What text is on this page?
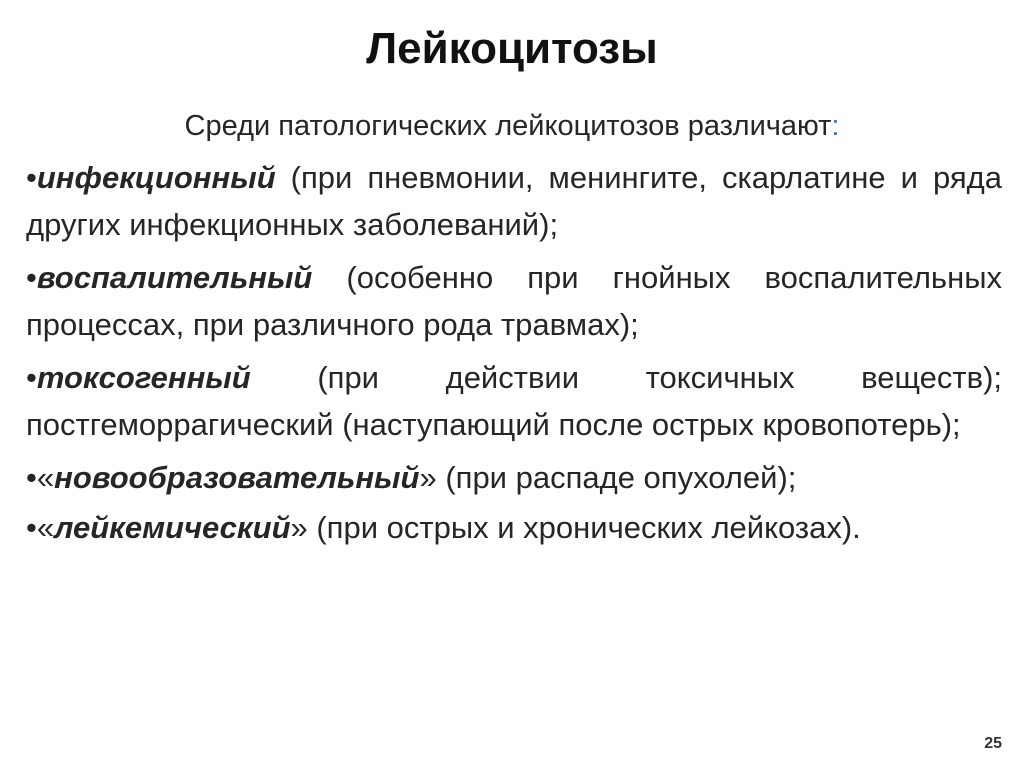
Лейкоцитозы
Среди патологических лейкоцитозов различают:
•инфекционный (при пневмонии, менингите, скарлатине и ряда других инфекционных заболеваний);
•воспалительный (особенно при гнойных воспалительных процессах, при различного рода травмах);
•токсогенный (при действии токсичных веществ); постгеморрагический (наступающий после острых кровопотерь);
•«новообразовательный» (при распаде опухолей);
•«лейкемический» (при острых и хронических лейкозах).
25
